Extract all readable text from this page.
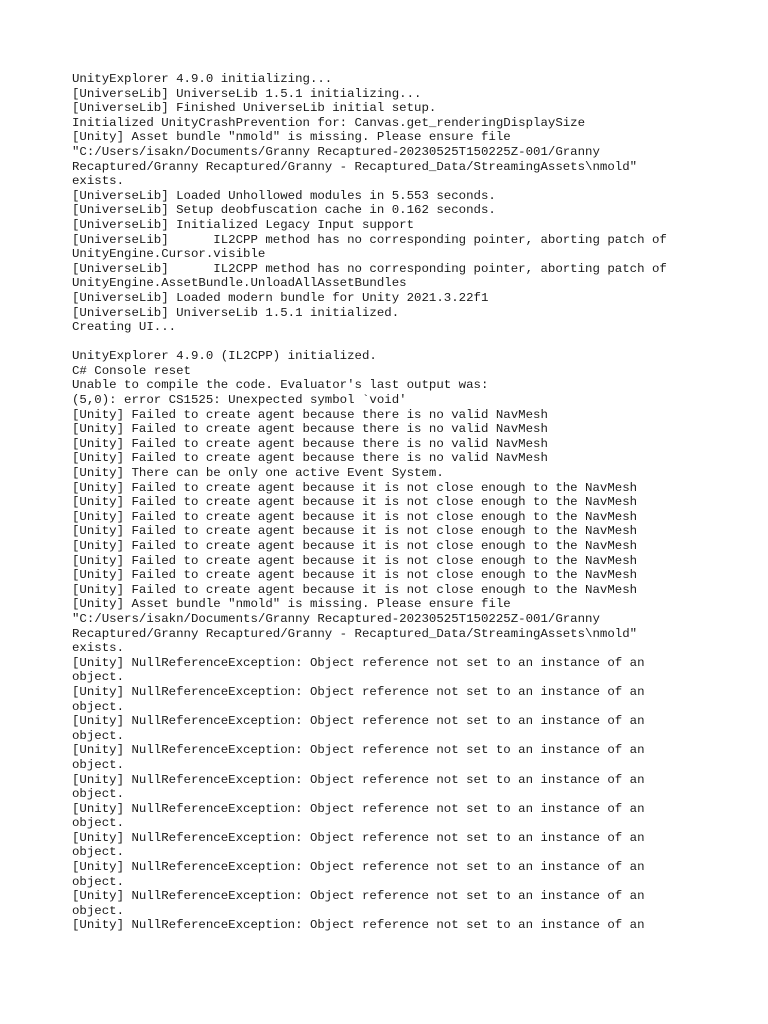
UnityExplorer 4.9.0 initializing...
[UniverseLib] UniverseLib 1.5.1 initializing...
[UniverseLib] Finished UniverseLib initial setup.
Initialized UnityCrashPrevention for: Canvas.get_renderingDisplaySize
[Unity] Asset bundle "nmold" is missing. Please ensure file
"C:/Users/isakn/Documents/Granny Recaptured-20230525T150225Z-001/Granny
Recaptured/Granny Recaptured/Granny - Recaptured_Data/StreamingAssets\nmold"
exists.
[UniverseLib] Loaded Unhollowed modules in 5.553 seconds.
[UniverseLib] Setup deobfuscation cache in 0.162 seconds.
[UniverseLib] Initialized Legacy Input support
[UniverseLib]      IL2CPP method has no corresponding pointer, aborting patch of
UnityEngine.Cursor.visible
[UniverseLib]      IL2CPP method has no corresponding pointer, aborting patch of
UnityEngine.AssetBundle.UnloadAllAssetBundles
[UniverseLib] Loaded modern bundle for Unity 2021.3.22f1
[UniverseLib] UniverseLib 1.5.1 initialized.
Creating UI...
UnityExplorer 4.9.0 (IL2CPP) initialized.
C# Console reset
Unable to compile the code. Evaluator's last output was:
(5,0): error CS1525: Unexpected symbol `void'
[Unity] Failed to create agent because there is no valid NavMesh
[Unity] Failed to create agent because there is no valid NavMesh
[Unity] Failed to create agent because there is no valid NavMesh
[Unity] Failed to create agent because there is no valid NavMesh
[Unity] There can be only one active Event System.
[Unity] Failed to create agent because it is not close enough to the NavMesh
[Unity] Failed to create agent because it is not close enough to the NavMesh
[Unity] Failed to create agent because it is not close enough to the NavMesh
[Unity] Failed to create agent because it is not close enough to the NavMesh
[Unity] Failed to create agent because it is not close enough to the NavMesh
[Unity] Failed to create agent because it is not close enough to the NavMesh
[Unity] Failed to create agent because it is not close enough to the NavMesh
[Unity] Failed to create agent because it is not close enough to the NavMesh
[Unity] Asset bundle "nmold" is missing. Please ensure file
"C:/Users/isakn/Documents/Granny Recaptured-20230525T150225Z-001/Granny
Recaptured/Granny Recaptured/Granny - Recaptured_Data/StreamingAssets\nmold"
exists.
[Unity] NullReferenceException: Object reference not set to an instance of an
object.
[Unity] NullReferenceException: Object reference not set to an instance of an
object.
[Unity] NullReferenceException: Object reference not set to an instance of an
object.
[Unity] NullReferenceException: Object reference not set to an instance of an
object.
[Unity] NullReferenceException: Object reference not set to an instance of an
object.
[Unity] NullReferenceException: Object reference not set to an instance of an
object.
[Unity] NullReferenceException: Object reference not set to an instance of an
object.
[Unity] NullReferenceException: Object reference not set to an instance of an
object.
[Unity] NullReferenceException: Object reference not set to an instance of an
object.
[Unity] NullReferenceException: Object reference not set to an instance of an
